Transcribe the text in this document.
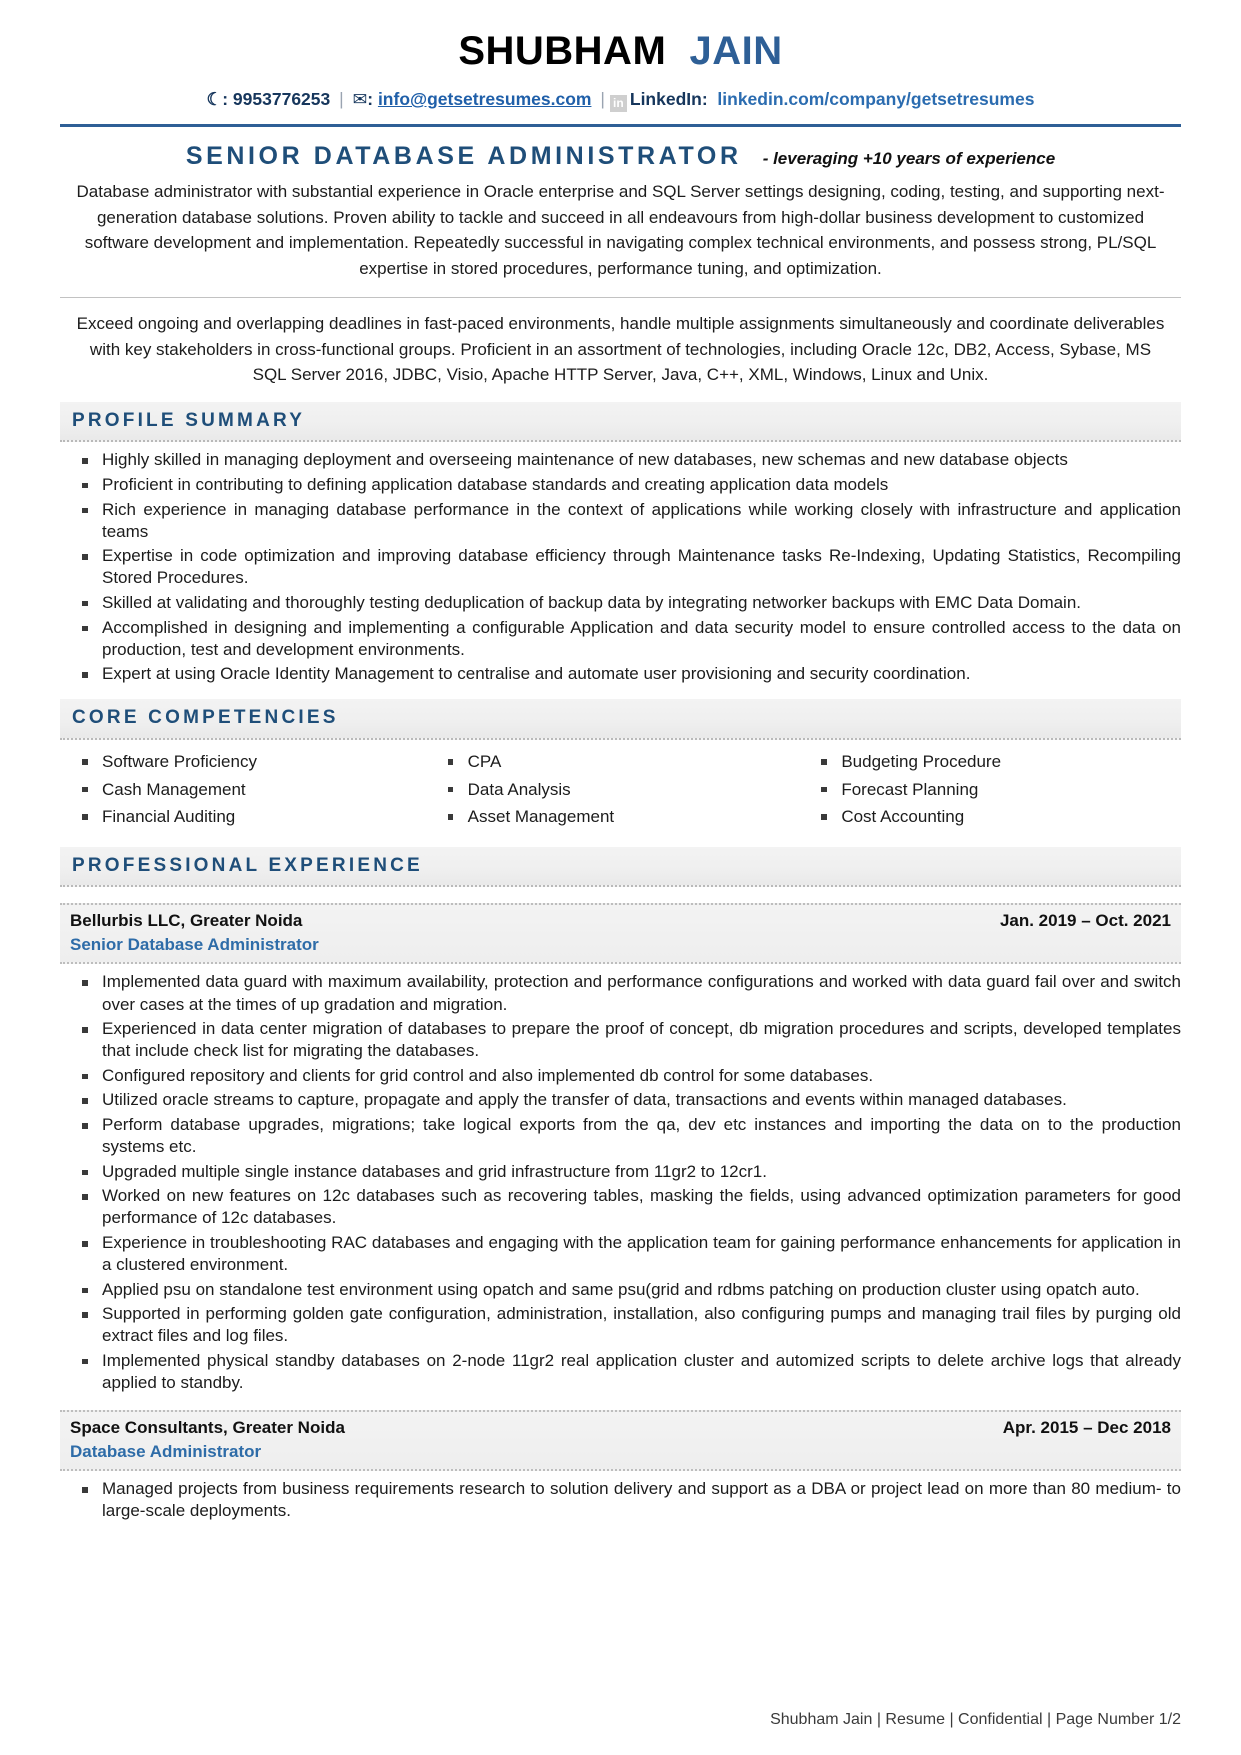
SHUBHAM JAIN
☾: 9953776253 | ✉: info@getsetresumes.com | in LinkedIn: linkedin.com/company/getsetresumes
SENIOR DATABASE ADMINISTRATOR - leveraging +10 years of experience
Database administrator with substantial experience in Oracle enterprise and SQL Server settings designing, coding, testing, and supporting next-generation database solutions. Proven ability to tackle and succeed in all endeavours from high-dollar business development to customized software development and implementation. Repeatedly successful in navigating complex technical environments, and possess strong, PL/SQL expertise in stored procedures, performance tuning, and optimization.
Exceed ongoing and overlapping deadlines in fast-paced environments, handle multiple assignments simultaneously and coordinate deliverables with key stakeholders in cross-functional groups. Proficient in an assortment of technologies, including Oracle 12c, DB2, Access, Sybase, MS SQL Server 2016, JDBC, Visio, Apache HTTP Server, Java, C++, XML, Windows, Linux and Unix.
PROFILE SUMMARY
Highly skilled in managing deployment and overseeing maintenance of new databases, new schemas and new database objects
Proficient in contributing to defining application database standards and creating application data models
Rich experience in managing database performance in the context of applications while working closely with infrastructure and application teams
Expertise in code optimization and improving database efficiency through Maintenance tasks Re-Indexing, Updating Statistics, Recompiling Stored Procedures.
Skilled at validating and thoroughly testing deduplication of backup data by integrating networker backups with EMC Data Domain.
Accomplished in designing and implementing a configurable Application and data security model to ensure controlled access to the data on production, test and development environments.
Expert at using Oracle Identity Management to centralise and automate user provisioning and security coordination.
CORE COMPETENCIES
Software Proficiency
Cash Management
Financial Auditing
CPA
Data Analysis
Asset Management
Budgeting Procedure
Forecast Planning
Cost Accounting
PROFESSIONAL EXPERIENCE
Bellurbis LLC, Greater Noida	Jan. 2019 – Oct. 2021
Senior Database Administrator
Implemented data guard with maximum availability, protection and performance configurations and worked with data guard fail over and switch over cases at the times of up gradation and migration.
Experienced in data center migration of databases to prepare the proof of concept, db migration procedures and scripts, developed templates that include check list for migrating the databases.
Configured repository and clients for grid control and also implemented db control for some databases.
Utilized oracle streams to capture, propagate and apply the transfer of data, transactions and events within managed databases.
Perform database upgrades, migrations; take logical exports from the qa, dev etc instances and importing the data on to the production systems etc.
Upgraded multiple single instance databases and grid infrastructure from 11gr2 to 12cr1.
Worked on new features on 12c databases such as recovering tables, masking the fields, using advanced optimization parameters for good performance of 12c databases.
Experience in troubleshooting RAC databases and engaging with the application team for gaining performance enhancements for application in a clustered environment.
Applied psu on standalone test environment using opatch and same psu(grid and rdbms patching on production cluster using opatch auto.
Supported in performing golden gate configuration, administration, installation, also configuring pumps and managing trail files by purging old extract files and log files.
Implemented physical standby databases on 2-node 11gr2 real application cluster and automized scripts to delete archive logs that already applied to standby.
Space Consultants, Greater Noida	Apr. 2015 – Dec 2018
Database Administrator
Managed projects from business requirements research to solution delivery and support as a DBA or project lead on more than 80 medium- to large-scale deployments.
Shubham Jain | Resume | Confidential | Page Number 1/2
